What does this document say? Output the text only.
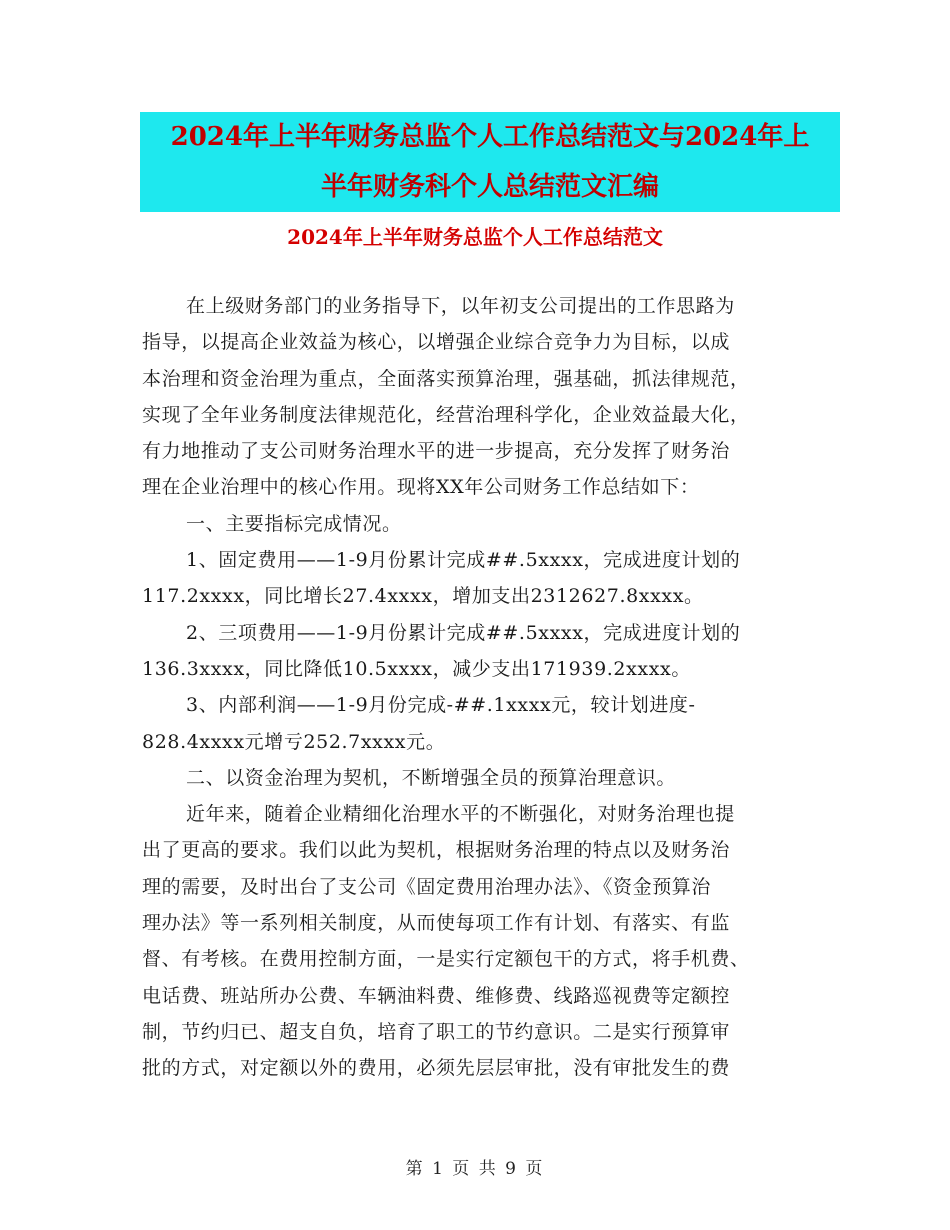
2024年上半年财务总监个人工作总结范文与2024年上
半年财务科个人总结范文汇编
2024年上半年财务总监个人工作总结范文
在上级财务部门的业务指导下，以年初支公司提出的工作思路为
指导，以提高企业效益为核心，以增强企业综合竞争力为目标，以成
本治理和资金治理为重点，全面落实预算治理，强基础，抓法律规范，
实现了全年业务制度法律规范化，经营治理科学化，企业效益最大化，
有力地推动了支公司财务治理水平的进一步提高，充分发挥了财务治
理在企业治理中的核心作用。现将XX年公司财务工作总结如下：
一、主要指标完成情况。
1、固定费用——1-9月份累计完成##.5xxxx，完成进度计划的
117.2xxxx，同比增长27.4xxxx，增加支出2312627.8xxxx。
2、三项费用——1-9月份累计完成##.5xxxx，完成进度计划的
136.3xxxx，同比降低10.5xxxx，减少支出171939.2xxxx。
3、内部利润——1-9月份完成-##.1xxxx元，较计划进度-
828.4xxxx元增亏252.7xxxx元。
二、以资金治理为契机，不断增强全员的预算治理意识。
近年来，随着企业精细化治理水平的不断强化，对财务治理也提
出了更高的要求。我们以此为契机，根据财务治理的特点以及财务治
理的需要，及时出台了支公司《固定费用治理办法》、《资金预算治
理办法》等一系列相关制度，从而使每项工作有计划、有落实、有监
督、有考核。在费用控制方面，一是实行定额包干的方式，将手机费、
电话费、班站所办公费、车辆油料费、维修费、线路巡视费等定额控
制，节约归已、超支自负，培育了职工的节约意识。二是实行预算审
批的方式，对定额以外的费用，必须先层层审批，没有审批发生的费
第 1 页 共 9 页
